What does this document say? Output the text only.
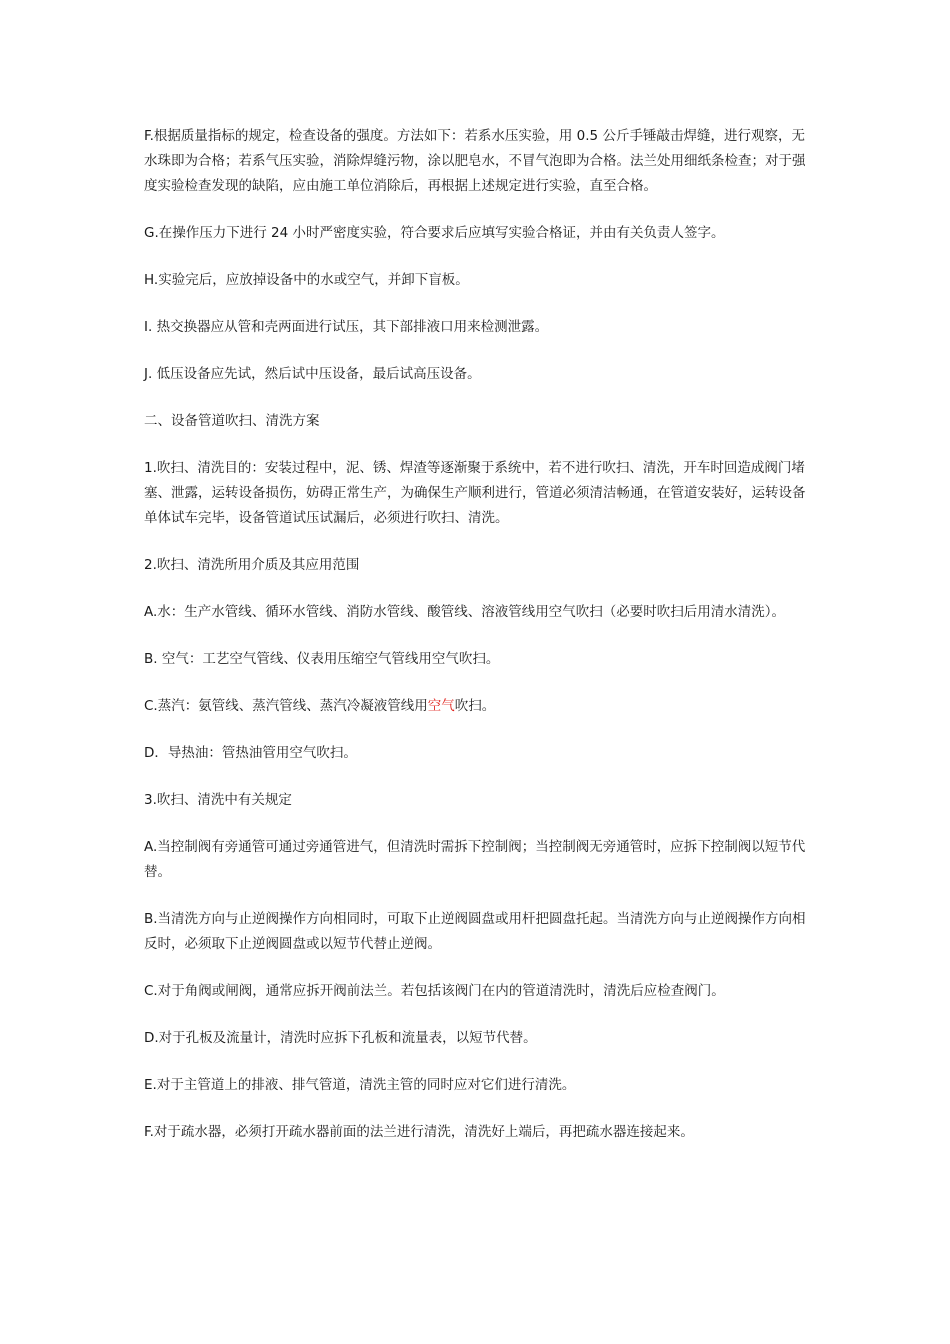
F.根据质量指标的规定，检查设备的强度。方法如下：若系水压实验，用 0.5 公斤手锤敲击焊缝，进行观察，无水珠即为合格；若系气压实验，消除焊缝污物，涂以肥皂水，不冒气泡即为合格。法兰处用细纸条检查；对于强度实验检查发现的缺陷，应由施工单位消除后，再根据上述规定进行实验，直至合格。

G.在操作压力下进行 24 小时严密度实验，符合要求后应填写实验合格证，并由有关负责人签字。

H.实验完后，应放掉设备中的水或空气，并卸下盲板。

I. 热交换器应从管和壳两面进行试压，其下部排液口用来检测泄露。

J. 低压设备应先试，然后试中压设备，最后试高压设备。

二、设备管道吹扫、清洗方案

1.吹扫、清洗目的：安装过程中，泥、锈、焊渣等逐渐聚于系统中，若不进行吹扫、清洗，开车时回造成阀门堵塞、泄露，运转设备损伤，妨碍正常生产，为确保生产顺利进行，管道必须清洁畅通，在管道安装好，运转设备单体试车完毕，设备管道试压试漏后，必须进行吹扫、清洗。

2.吹扫、清洗所用介质及其应用范围

A.水：生产水管线、循环水管线、消防水管线、酸管线、溶液管线用空气吹扫（必要时吹扫后用清水清洗）。

B. 空气：工艺空气管线、仪表用压缩空气管线用空气吹扫。

C.蒸汽：氨管线、蒸汽管线、蒸汽冷凝液管线用空气吹扫。

D．导热油：管热油管用空气吹扫。

3.吹扫、清洗中有关规定

A.当控制阀有旁通管可通过旁通管进气，但清洗时需拆下控制阀；当控制阀无旁通管时，应拆下控制阀以短节代替。

B.当清洗方向与止逆阀操作方向相同时，可取下止逆阀圆盘或用杆把圆盘托起。当清洗方向与止逆阀操作方向相反时，必须取下止逆阀圆盘或以短节代替止逆阀。

C.对于角阀或闸阀，通常应拆开阀前法兰。若包括该阀门在内的管道清洗时，清洗后应检查阀门。

D.对于孔板及流量计，清洗时应拆下孔板和流量表，以短节代替。

E.对于主管道上的排液、排气管道，清洗主管的同时应对它们进行清洗。

F.对于疏水器，必须打开疏水器前面的法兰进行清洗，清洗好上端后，再把疏水器连接起来。
